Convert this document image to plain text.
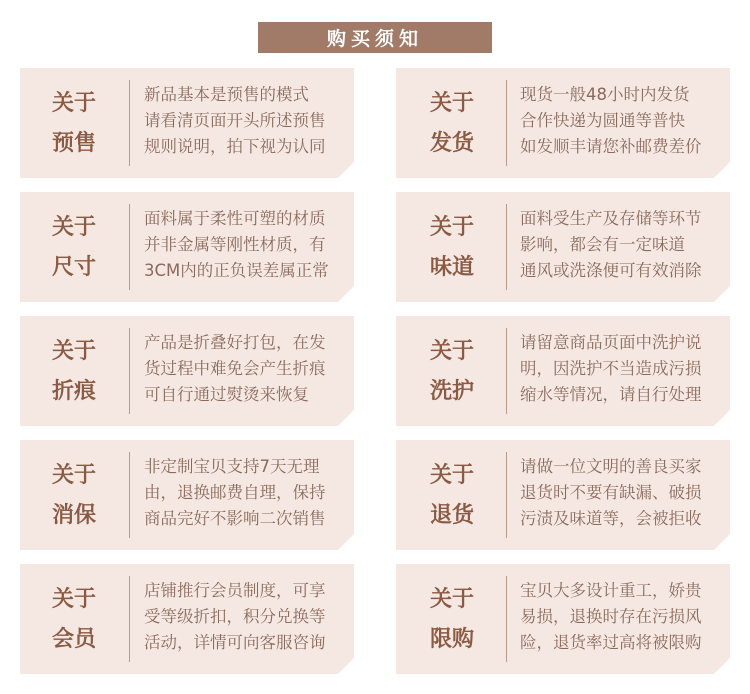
购买须知
关于
预售
新品基本是预售的模式
请看清页面开头所述预售
规则说明，拍下视为认同
关于
发货
现货一般48小时内发货
合作快递为圆通等普快
如发顺丰请您补邮费差价
关于
尺寸
面料属于柔性可塑的材质
并非金属等刚性材质，有
3CM内的正负误差属正常
关于
味道
面料受生产及存储等环节
影响，都会有一定味道
通风或洗涤便可有效消除
关于
折痕
产品是折叠好打包，在发
货过程中难免会产生折痕
可自行通过熨烫来恢复
关于
洗护
请留意商品页面中洗护说
明，因洗护不当造成污损
缩水等情况，请自行处理
关于
消保
非定制宝贝支持7天无理
由，退换邮费自理，保持
商品完好不影响二次销售
关于
退货
请做一位文明的善良买家
退货时不要有缺漏、破损
污渍及味道等，会被拒收
关于
会员
店铺推行会员制度，可享
受等级折扣，积分兑换等
活动，详情可向客服咨询
关于
限购
宝贝大多设计重工，娇贵
易损，退换时存在污损风
险，退货率过高将被限购
